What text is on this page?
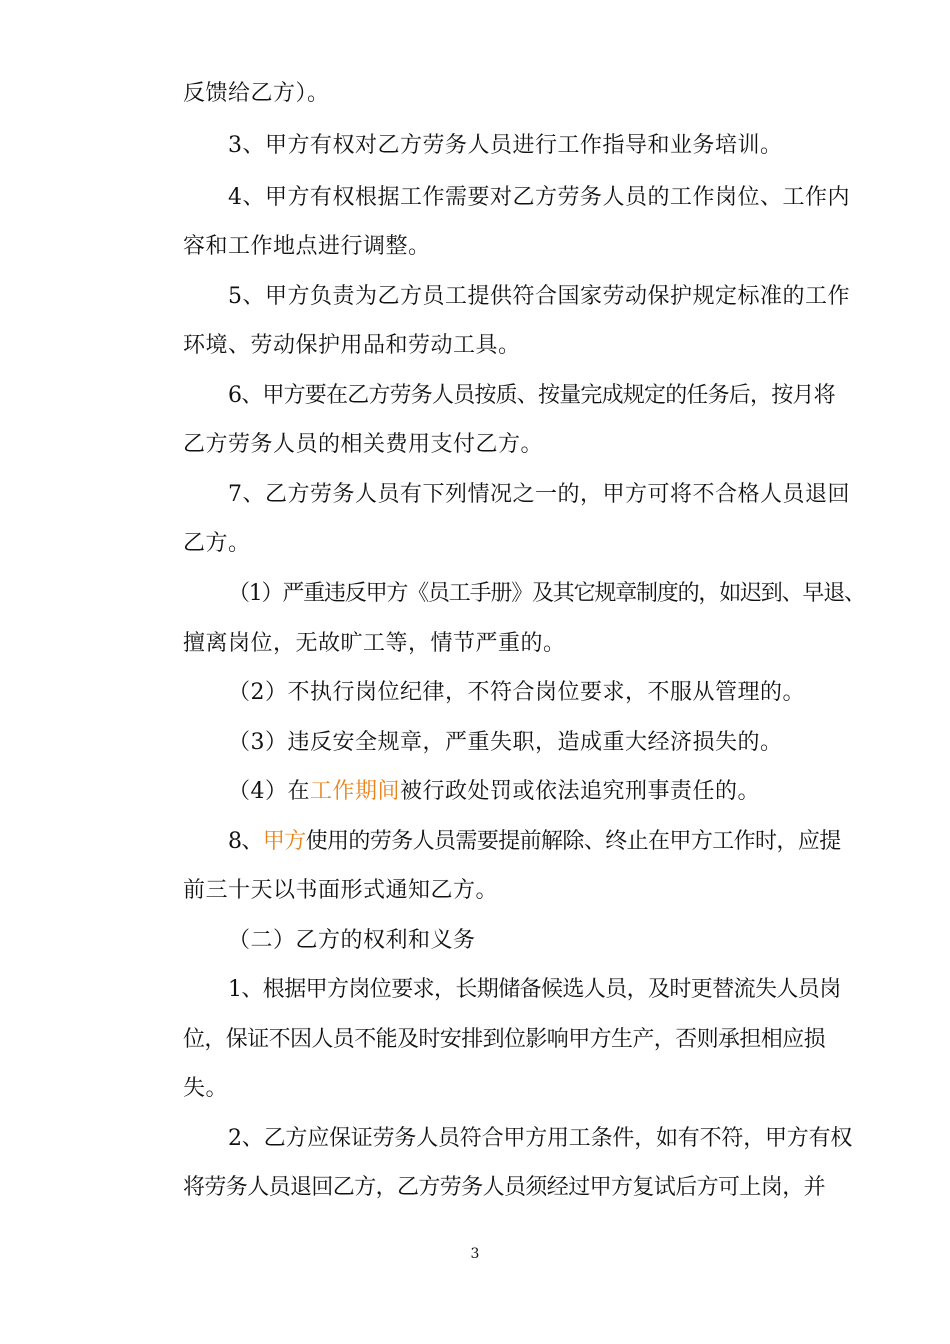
反馈给乙方）。
3、甲方有权对乙方劳务人员进行工作指导和业务培训。
4、甲方有权根据工作需要对乙方劳务人员的工作岗位、工作内
容和工作地点进行调整。
5、甲方负责为乙方员工提供符合国家劳动保护规定标准的工作
环境、劳动保护用品和劳动工具。
6、甲方要在乙方劳务人员按质、按量完成规定的任务后，按月将
乙方劳务人员的相关费用支付乙方。
7、乙方劳务人员有下列情况之一的，甲方可将不合格人员退回
乙方。
（1）严重违反甲方《员工手册》及其它规章制度的，如迟到、早退、
擅离岗位，无故旷工等，情节严重的。
（2）不执行岗位纪律，不符合岗位要求，不服从管理的。
（3）违反安全规章，严重失职，造成重大经济损失的。
（4）在工作期间被行政处罚或依法追究刑事责任的。
8、甲方使用的劳务人员需要提前解除、终止在甲方工作时，应提
前三十天以书面形式通知乙方。
（二）乙方的权利和义务
1、根据甲方岗位要求，长期储备候选人员，及时更替流失人员岗
位，保证不因人员不能及时安排到位影响甲方生产，否则承担相应损
失。
2、乙方应保证劳务人员符合甲方用工条件，如有不符，甲方有权
将劳务人员退回乙方，乙方劳务人员须经过甲方复试后方可上岗，并
3
